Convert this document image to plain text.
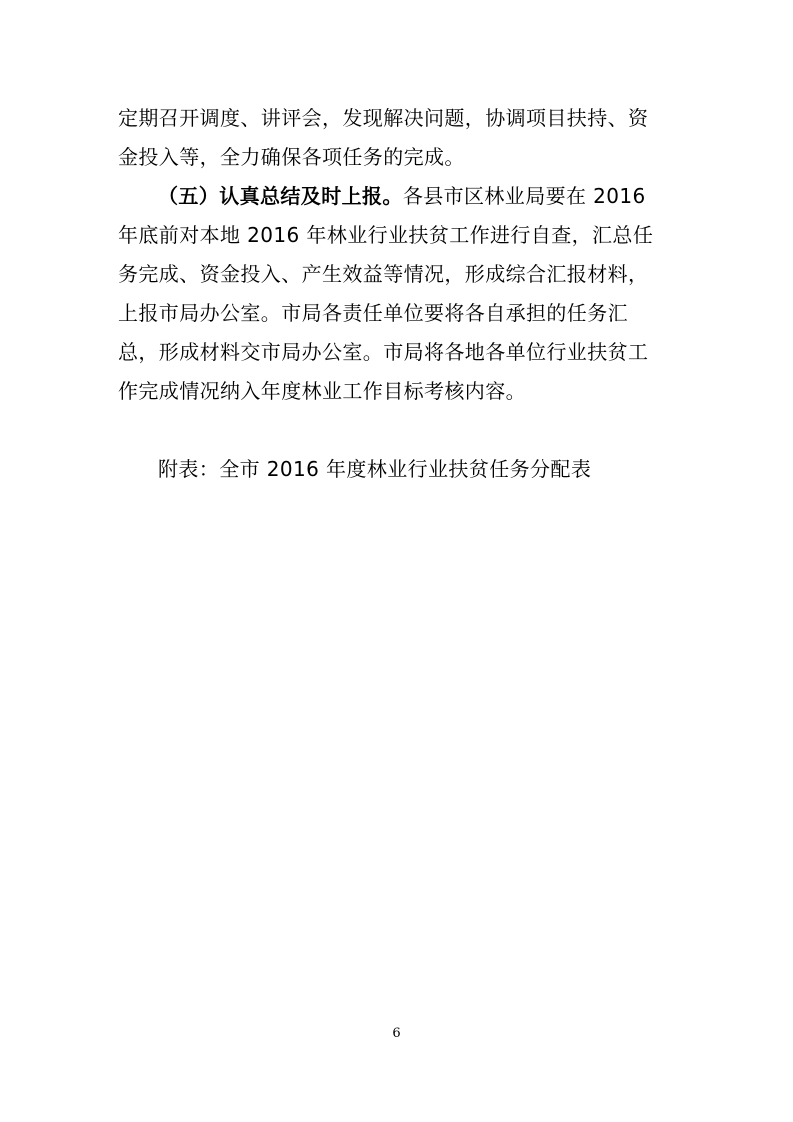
定期召开调度、讲评会，发现解决问题，协调项目扶持、资
金投入等，全力确保各项任务的完成。
（五）认真总结及时上报。各县市区林业局要在 2016
年底前对本地 2016 年林业行业扶贫工作进行自查，汇总任
务完成、资金投入、产生效益等情况，形成综合汇报材料，
上报市局办公室。市局各责任单位要将各自承担的任务汇
总，形成材料交市局办公室。市局将各地各单位行业扶贫工
作完成情况纳入年度林业工作目标考核内容。
附表：全市 2016 年度林业行业扶贫任务分配表
6
